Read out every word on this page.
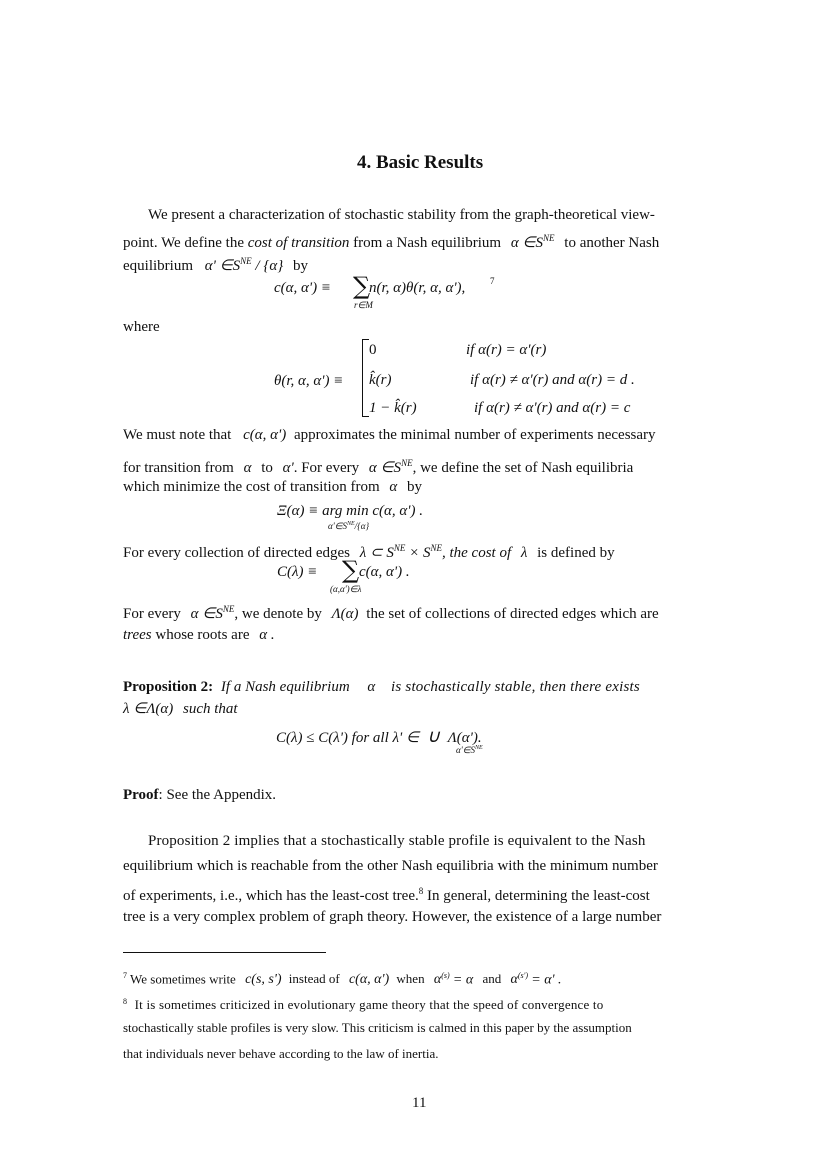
4. Basic Results
We present a characterization of stochastic stability from the graph-theoretical view-
point. We define the cost of transition from a Nash equilibrium α $\in S^{NE}$ to another Nash
equilibrium α' $\in S^{NE} / \{\alpha\}$ by
c(α, α') ≡ ∑
r∈M
n(r, α)θ(r, α, α'),	7
where
θ(r, α, α') ≡
0	if α(r) = α'(r)
k̂(r)	if α(r) ≠ α'(r) and α(r) = d .
1 − k̂(r)	if α(r) ≠ α'(r) and α(r) = c
We must note that c(α, α') approximates the minimal number of experiments necessary
for transition from α to α'. For every α $\in S^{NE}$, we define the set of Nash equilibria
which minimize the cost of transition from α by
Ξ(α) ≡ arg min c(α, α') .
$\alpha'\in S^{NE}/\{\alpha\}$
For every collection of directed edges λ ⊂ $S^{NE} \times S^{NE}$, the cost of λ is defined by
C(λ) ≡ ∑
(α,α')∈λ
c(α, α') .
For every α $\in S^{NE}$, we denote by Λ(α) the set of collections of directed edges which are
trees whose roots are α .
Proposition 2: If a Nash equilibrium α is stochastically stable, then there exists
λ ∈Λ(α) such that
C(λ) ≤ C(λ') for all λ' ∈ ∪ Λ(α').
$\alpha'\in S^{NE}$
Proof: See the Appendix.
Proposition 2 implies that a stochastically stable profile is equivalent to the Nash
equilibrium which is reachable from the other Nash equilibria with the minimum number
of experiments, i.e., which has the least-cost tree.$^8$ In general, determining the least-cost
tree is a very complex problem of graph theory. However, the existence of a large number
$^7$ We sometimes write c(s, s') instead of c(α, α') when $\alpha^{(s)} = \alpha$ and $\alpha^{(s')} = \alpha'$ .
$^8$ It is sometimes criticized in evolutionary game theory that the speed of convergence to
stochastically stable profiles is very slow. This criticism is calmed in this paper by the assumption
that individuals never behave according to the law of inertia.
11
